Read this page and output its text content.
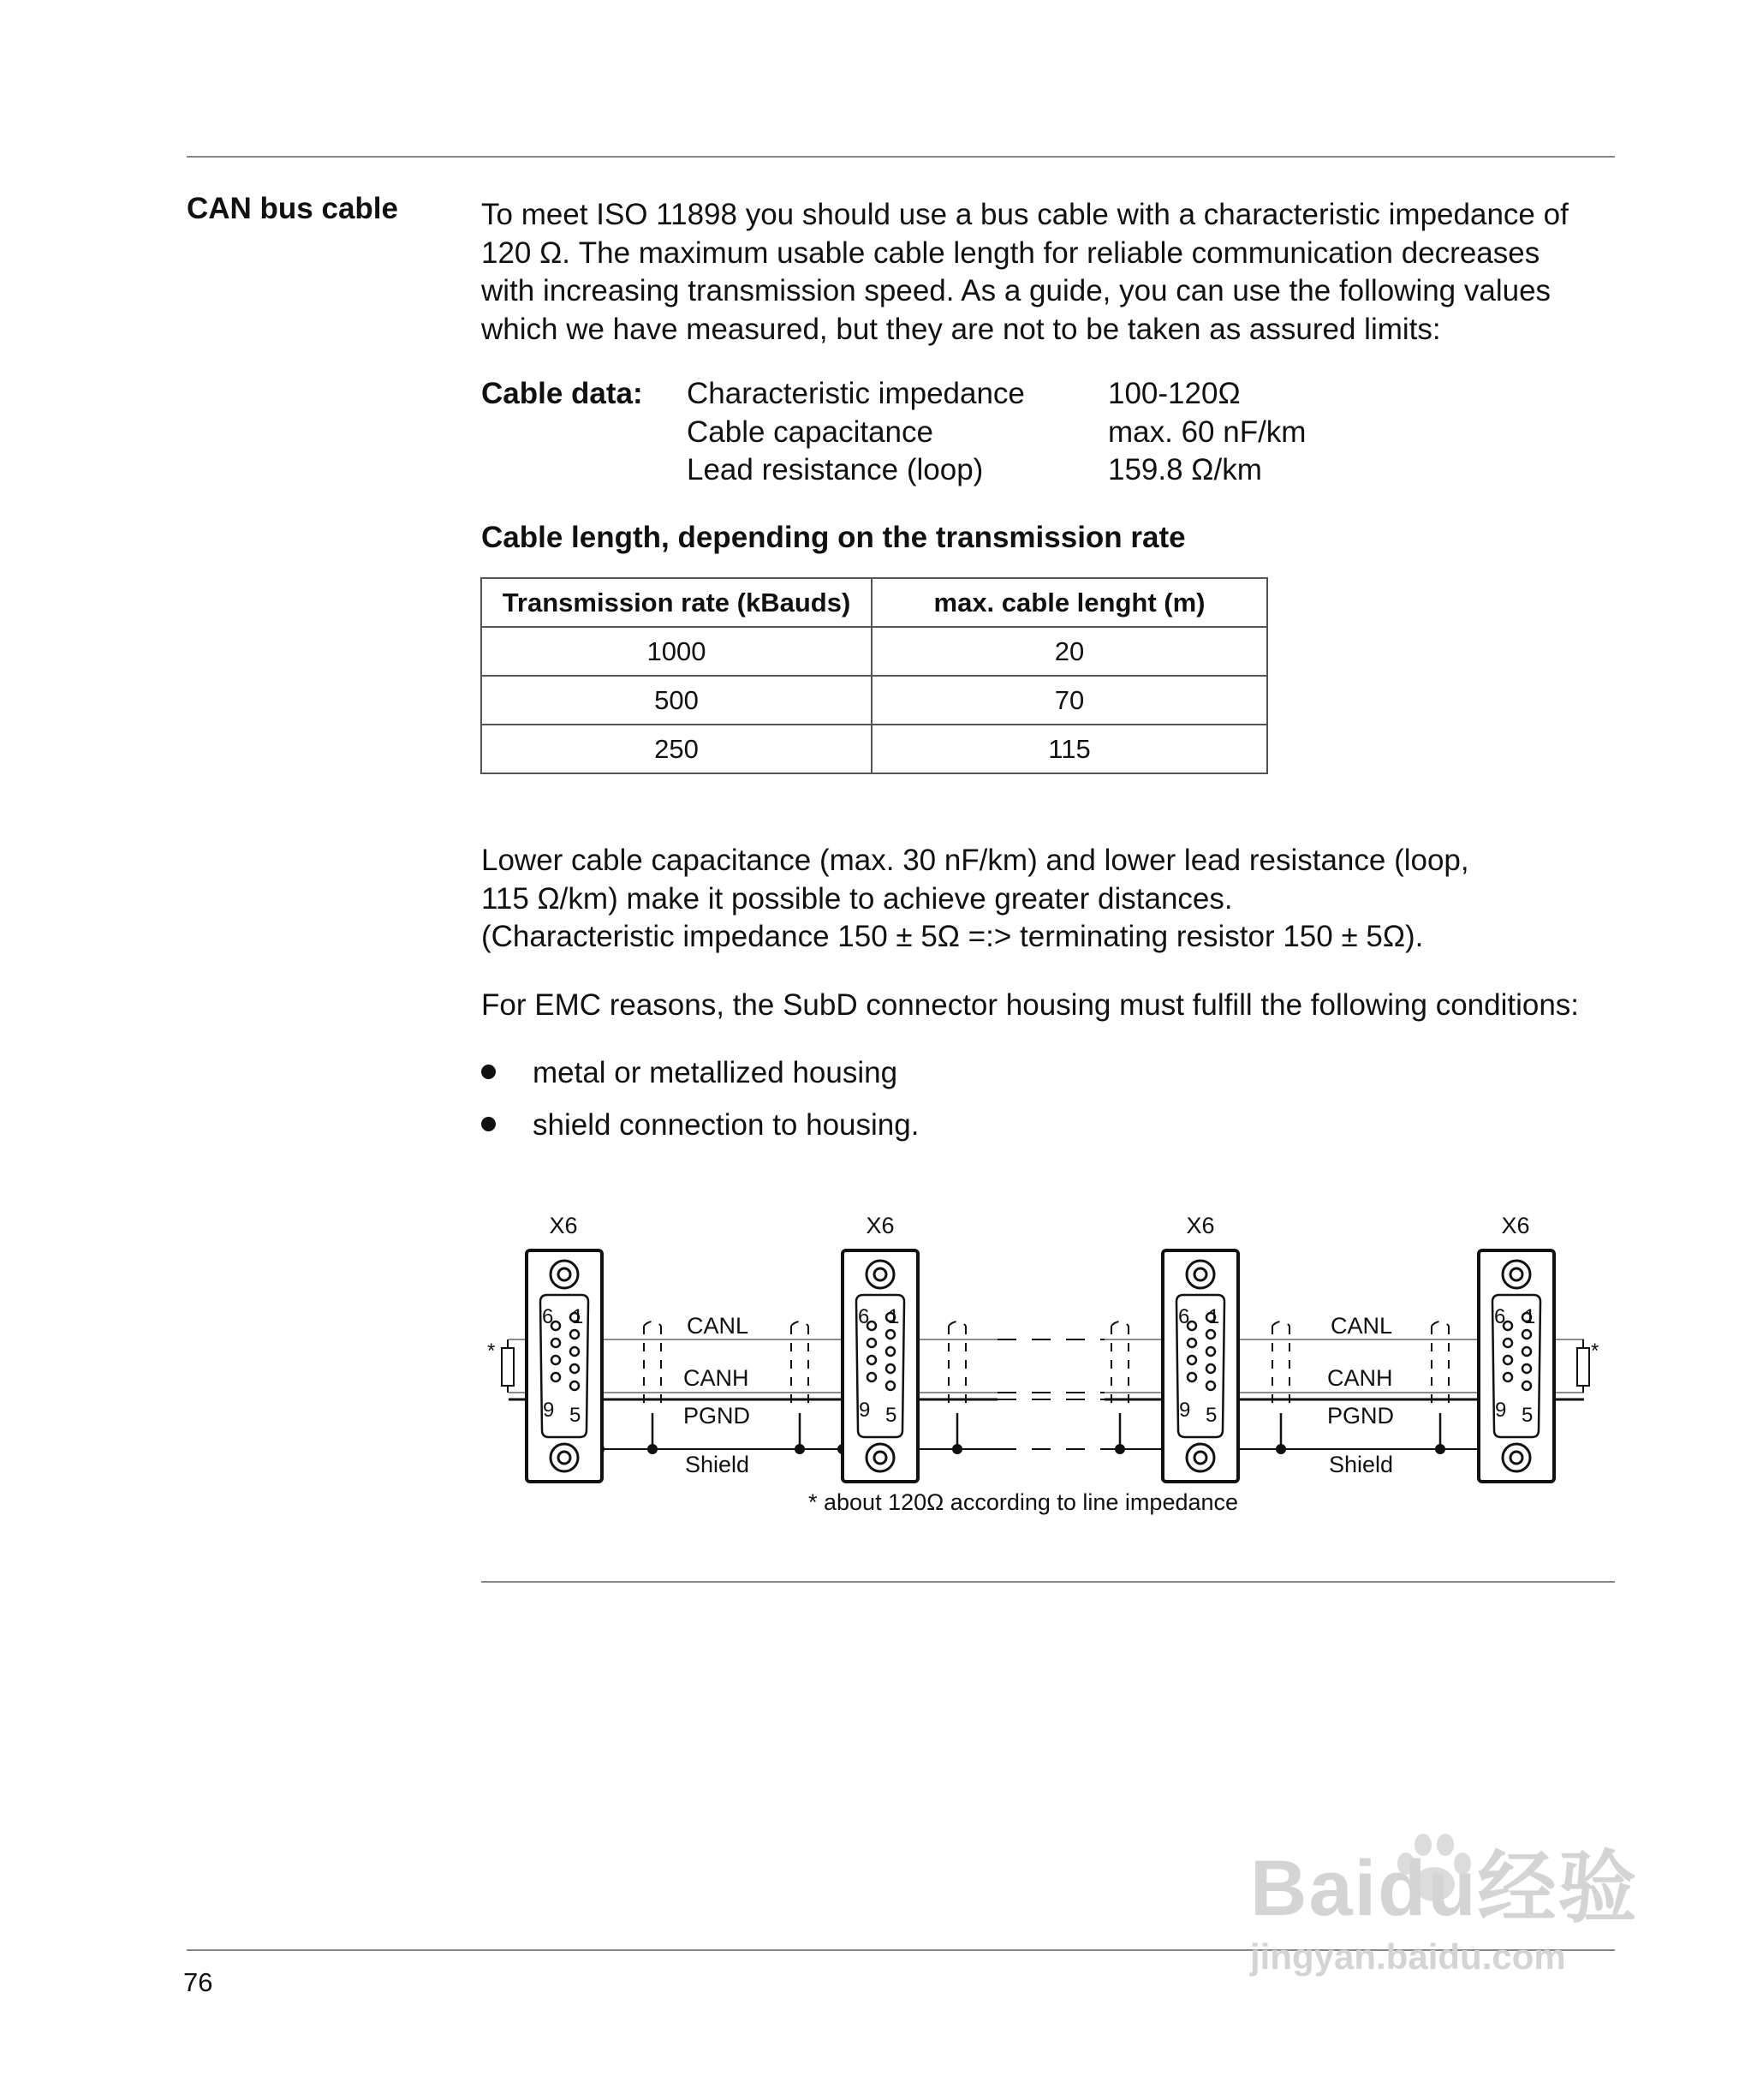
CAN bus cable	To meet ISO 11898 you should use a bus cable with a characteristic impedance of
120 Ω. The maximum usable cable length for reliable communication decreases
with increasing transmission speed. As a guide, you can use the following values
which we have measured, but they are not to be taken as assured limits:
Cable data: Characteristic impedance	100-120Ω
Cable capacitance	max. 60 nF/km
Lead resistance (loop)	159.8 Ω/km
Cable length, depending on the transmission rate
Transmission rate (kBauds)	max. cable lenght (m)
1000	20
500	70
250	115
Lower cable capacitance (max. 30 nF/km) and lower lead resistance (loop,
115 Ω/km) make it possible to achieve greater distances.
(Characteristic impedance 150 ± 5Ω =:> terminating resistor 150 ± 5Ω).
For EMC reasons, the SubD connector housing must fulfill the following conditions:
metal or metallized housing
shield connection to housing.
X6	X6	X6	X6
6 1
9 5
6 1
9 5
6 1
9 5
6 1
9 5
CANL
CANH
PGND
Shield
CANL
CANH
PGND
Shield
*	*
* about 120Ω according to line impedance
76
Baidu经验
jingyan.baidu.com
